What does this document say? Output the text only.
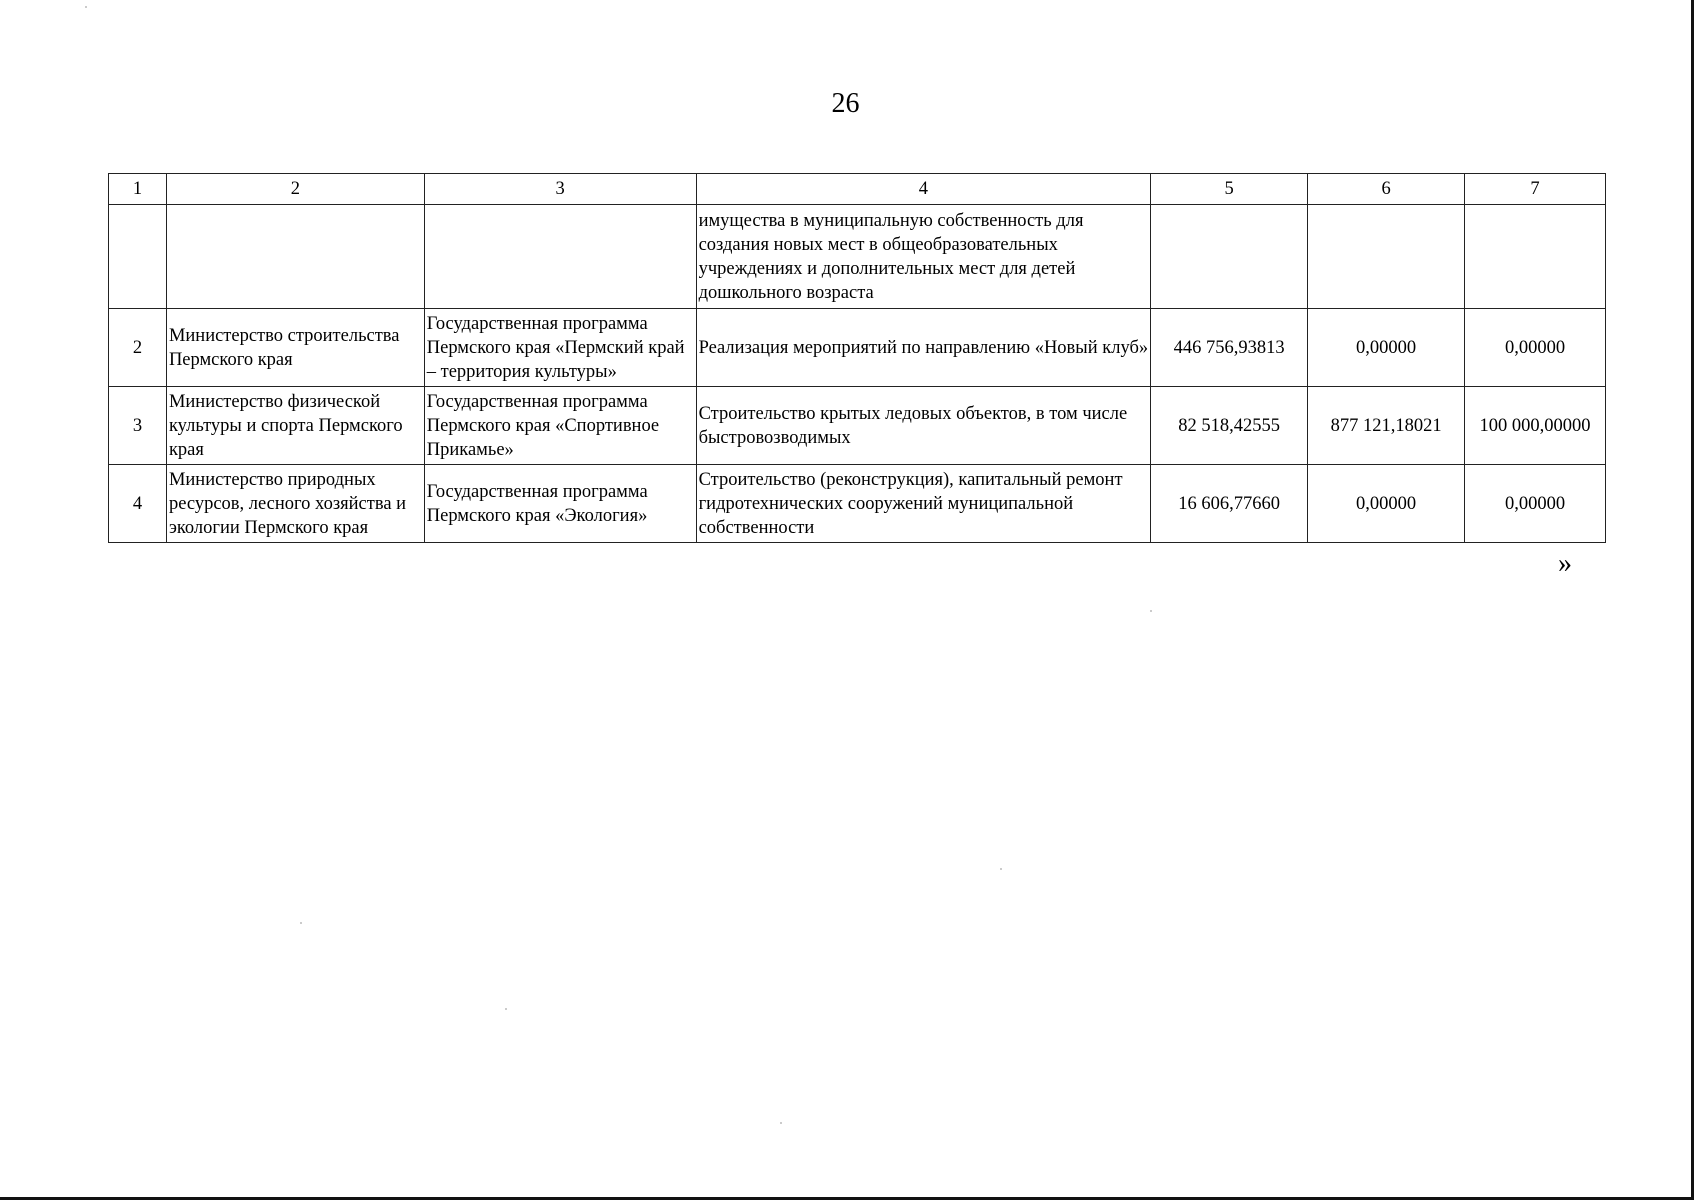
26
1	2	3	4	5	6	7
			имущества в муниципальную собственность для создания новых мест в общеобразовательных учреждениях и дополнительных мест для детей дошкольного возраста			
2	Министерство строительства Пермского края	Государственная программа Пермского края «Пермский край – территория культуры»	Реализация мероприятий по направлению «Новый клуб»	446 756,93813	0,00000	0,00000
3	Министерство физической культуры и спорта Пермского края	Государственная программа Пермского края «Спортивное Прикамье»	Строительство крытых ледовых объектов, в том числе быстровозводимых	82 518,42555	877 121,18021	100 000,00000
4	Министерство природных ресурсов, лесного хозяйства и экологии Пермского края	Государственная программа Пермского края «Экология»	Строительство (реконструкция), капитальный ремонт гидротехнических сооружений муниципальной собственности	16 606,77660	0,00000	0,00000
»
